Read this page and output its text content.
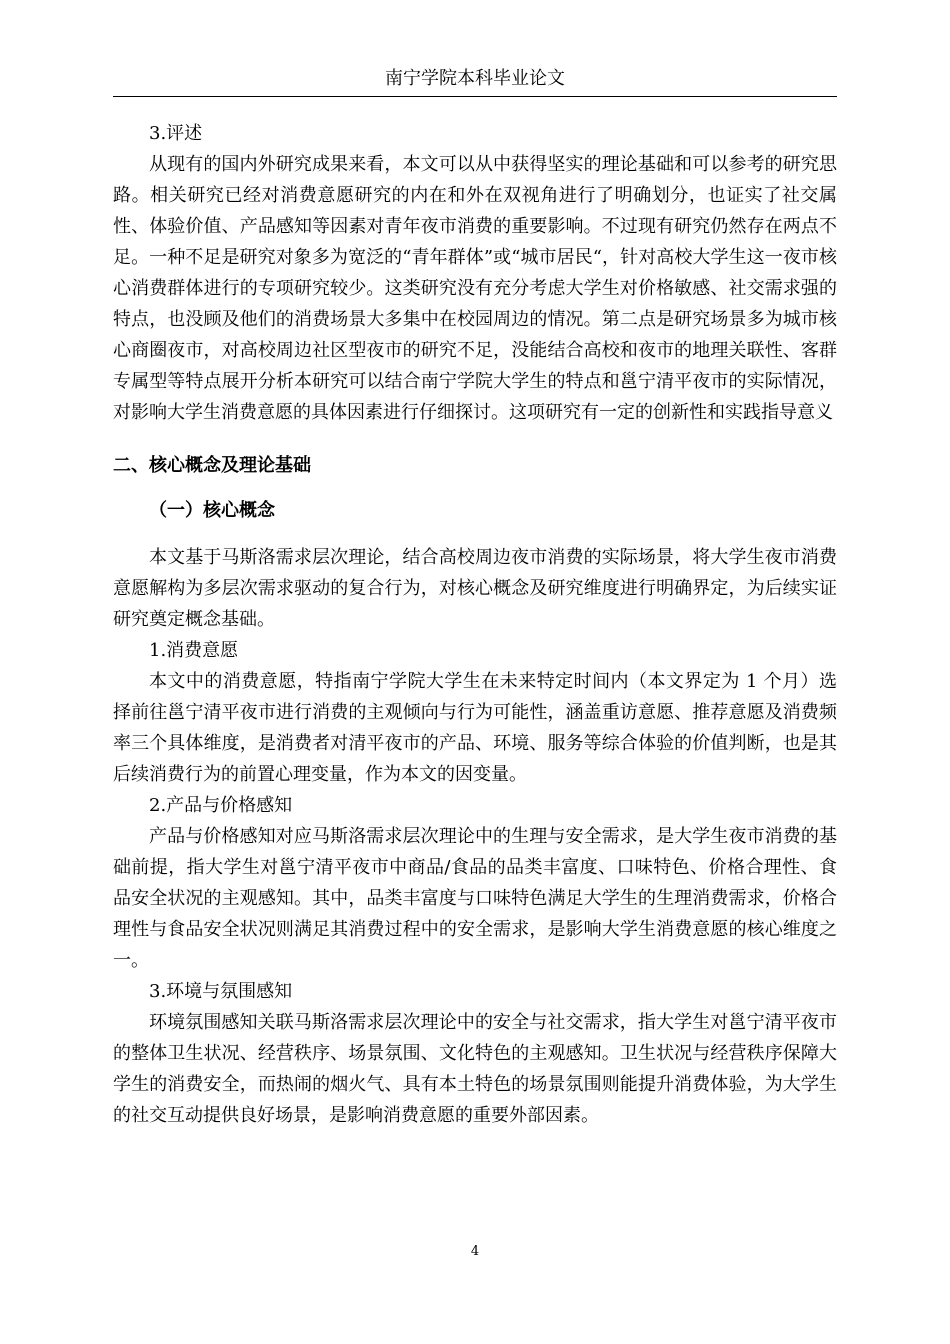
南宁学院本科毕业论文

3.评述

从现有的国内外研究成果来看，本文可以从中获得坚实的理论基础和可以参考的研究思路。相关研究已经对消费意愿研究的内在和外在双视角进行了明确划分，也证实了社交属性、体验价值、产品感知等因素对青年夜市消费的重要影响。不过现有研究仍然存在两点不足。一种不足是研究对象多为宽泛的“青年群体”或“城市居民“，针对高校大学生这一夜市核心消费群体进行的专项研究较少。这类研究没有充分考虑大学生对价格敏感、社交需求强的特点，也没顾及他们的消费场景大多集中在校园周边的情况。第二点是研究场景多为城市核心商圈夜市，对高校周边社区型夜市的研究不足，没能结合高校和夜市的地理关联性、客群专属型等特点展开分析本研究可以结合南宁学院大学生的特点和邕宁清平夜市的实际情况，对影响大学生消费意愿的具体因素进行仔细探讨。这项研究有一定的创新性和实践指导意义

二、核心概念及理论基础
（一）核心概念

本文基于马斯洛需求层次理论，结合高校周边夜市消费的实际场景，将大学生夜市消费意愿解构为多层次需求驱动的复合行为，对核心概念及研究维度进行明确界定，为后续实证研究奠定概念基础。

1.消费意愿

本文中的消费意愿，特指南宁学院大学生在未来特定时间内（本文界定为 1 个月）选择前往邕宁清平夜市进行消费的主观倾向与行为可能性，涵盖重访意愿、推荐意愿及消费频率三个具体维度，是消费者对清平夜市的产品、环境、服务等综合体验的价值判断，也是其后续消费行为的前置心理变量，作为本文的因变量。

2.产品与价格感知

产品与价格感知对应马斯洛需求层次理论中的生理与安全需求，是大学生夜市消费的基础前提，指大学生对邕宁清平夜市中商品/食品的品类丰富度、口味特色、价格合理性、食品安全状况的主观感知。其中，品类丰富度与口味特色满足大学生的生理消费需求，价格合理性与食品安全状况则满足其消费过程中的安全需求，是影响大学生消费意愿的核心维度之一。

3.环境与氛围感知

环境氛围感知关联马斯洛需求层次理论中的安全与社交需求，指大学生对邕宁清平夜市的整体卫生状况、经营秩序、场景氛围、文化特色的主观感知。卫生状况与经营秩序保障大学生的消费安全，而热闹的烟火气、具有本土特色的场景氛围则能提升消费体验，为大学生的社交互动提供良好场景，是影响消费意愿的重要外部因素。

4
